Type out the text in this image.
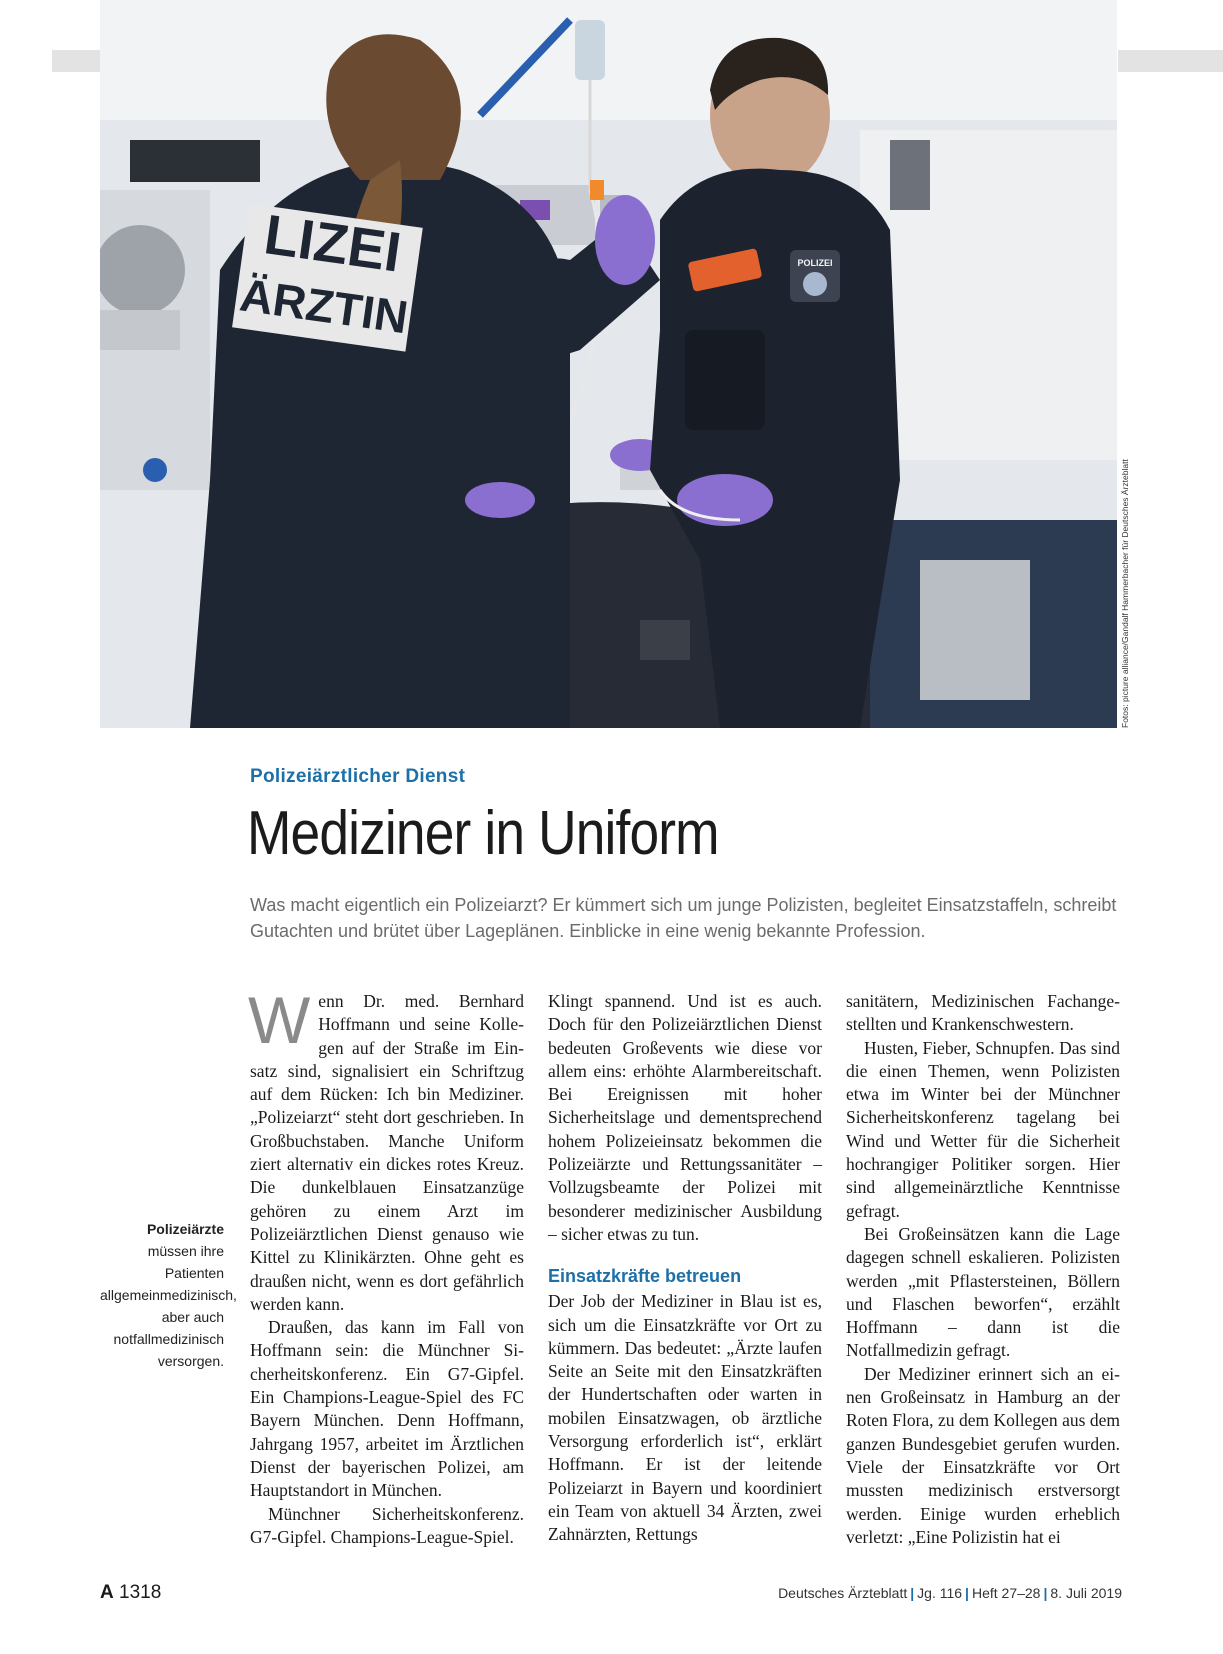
LIZEI
ÄRZTIN
POLIZEI
Fotos: picture alliance/Gandalf Hammerbacher für Deutsches Ärzteblatt
Polizeiärztlicher Dienst
Mediziner in Uniform
Was macht eigentlich ein Polizeiarzt? Er kümmert sich um junge Polizisten, begleitet Einsatzstaffeln, schreibt Gutachten und brütet über Lageplänen. Einblicke in eine wenig bekannte Profession.
Polizeiärzte müssen ihre Patienten allgemeinmedizinisch, aber auch notfallmedizinisch versorgen.

Wenn Dr. med. Bernhard Hoffmann und seine Kollegen auf der Straße im Einsatz sind, signalisiert ein Schriftzug auf dem Rücken: Ich bin Mediziner. „Polizeiarzt“ steht dort geschrieben. In Großbuchstaben. Manche Uniform ziert alternativ ein dickes rotes Kreuz. Die dunkelblauen Einsatzanzüge gehören zu einem Arzt im Polizeiärztlichen Dienst genauso wie Kittel zu Klinikärzten. Ohne geht es draußen nicht, wenn es dort gefährlich werden kann.

Draußen, das kann im Fall von Hoffmann sein: die Münchner Sicherheitskonferenz. Ein G7-Gipfel. Ein Champions-League-Spiel des FC Bayern München. Denn Hoffmann, Jahrgang 1957, arbeitet im Ärztlichen Dienst der bayerischen Polizei, am Hauptstandort in München.

Münchner Sicherheitskonferenz. G7-Gipfel. Champions-League-Spiel.

Klingt spannend. Und ist es auch. Doch für den Polizeiärztlichen Dienst bedeuten Großevents wie diese vor allem eins: erhöhte Alarmbereitschaft. Bei Ereignissen mit hoher Sicherheitslage und dementsprechend hohem Polizeieinsatz bekommen die Polizeiärzte und Rettungssanitäter – Vollzugsbeamte der Polizei mit besonderer medizinischer Ausbildung – sicher etwas zu tun.

Einsatzkräfte betreuen

Der Job der Mediziner in Blau ist es, sich um die Einsatzkräfte vor Ort zu kümmern. Das bedeutet: „Ärzte laufen Seite an Seite mit den Einsatzkräften der Hundertschaften oder warten in mobilen Einsatzwagen, ob ärztliche Versorgung erforderlich ist“, erklärt Hoffmann. Er ist der leitende Polizeiarzt in Bayern und koordiniert ein Team von aktuell 34 Ärzten, zwei Zahnärzten, Rettungs

sanitätern, Medizinischen Fachangestellten und Krankenschwestern.

Husten, Fieber, Schnupfen. Das sind die einen Themen, wenn Polizisten etwa im Winter bei der Münchner Sicherheitskonferenz tagelang bei Wind und Wetter für die Sicherheit hochrangiger Politiker sorgen. Hier sind allgemeinärztliche Kenntnisse gefragt.

Bei Großeinsätzen kann die Lage dagegen schnell eskalieren. Polizisten werden „mit Pflastersteinen, Böllern und Flaschen beworfen“, erzählt Hoffmann – dann ist die Notfallmedizin gefragt.

Der Mediziner erinnert sich an einen Großeinsatz in Hamburg an der Roten Flora, zu dem Kollegen aus dem ganzen Bundesgebiet gerufen wurden. Viele der Einsatzkräfte vor Ort mussten medizinisch erstversorgt werden. Einige wurden erheblich verletzt: „Eine Polizistin hat ei

A 1318	Deutsches Ärzteblatt | Jg. 116 | Heft 27–28 | 8. Juli 2019
